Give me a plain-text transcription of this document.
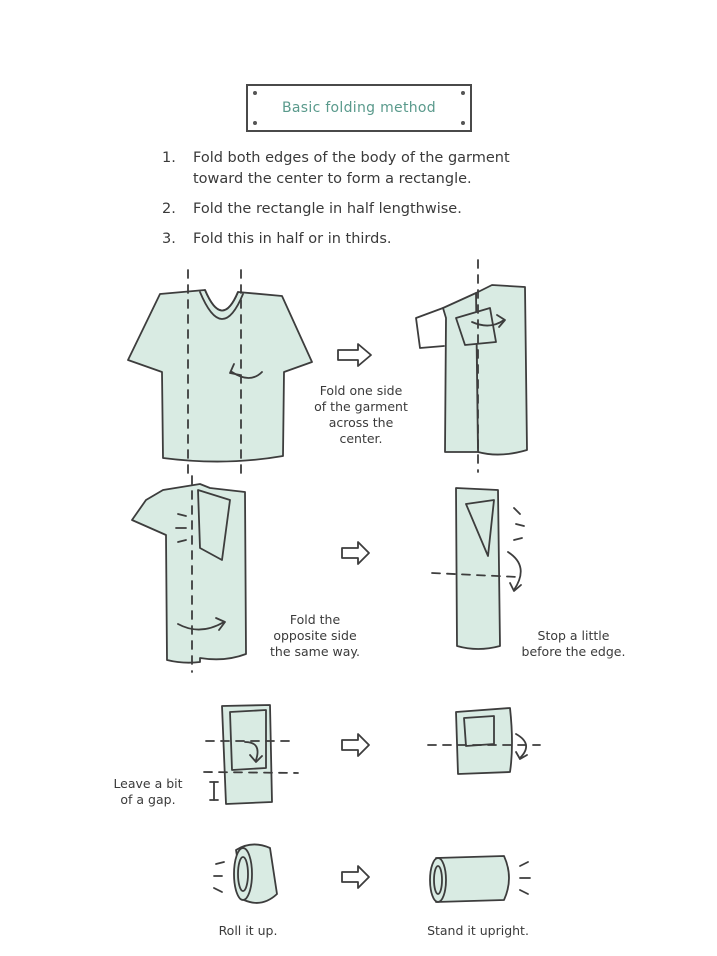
Basic folding method
1. Fold both edges of the body of the garment toward the center to form a rectangle.
2. Fold the rectangle in half lengthwise.
3. Fold this in half or in thirds.
Fold one side
of the garment
across the
center.
Fold the
opposite side
the same way.
Stop a little
before the edge.
Leave a bit
of a gap.
Roll it up.	Stand it upright.
